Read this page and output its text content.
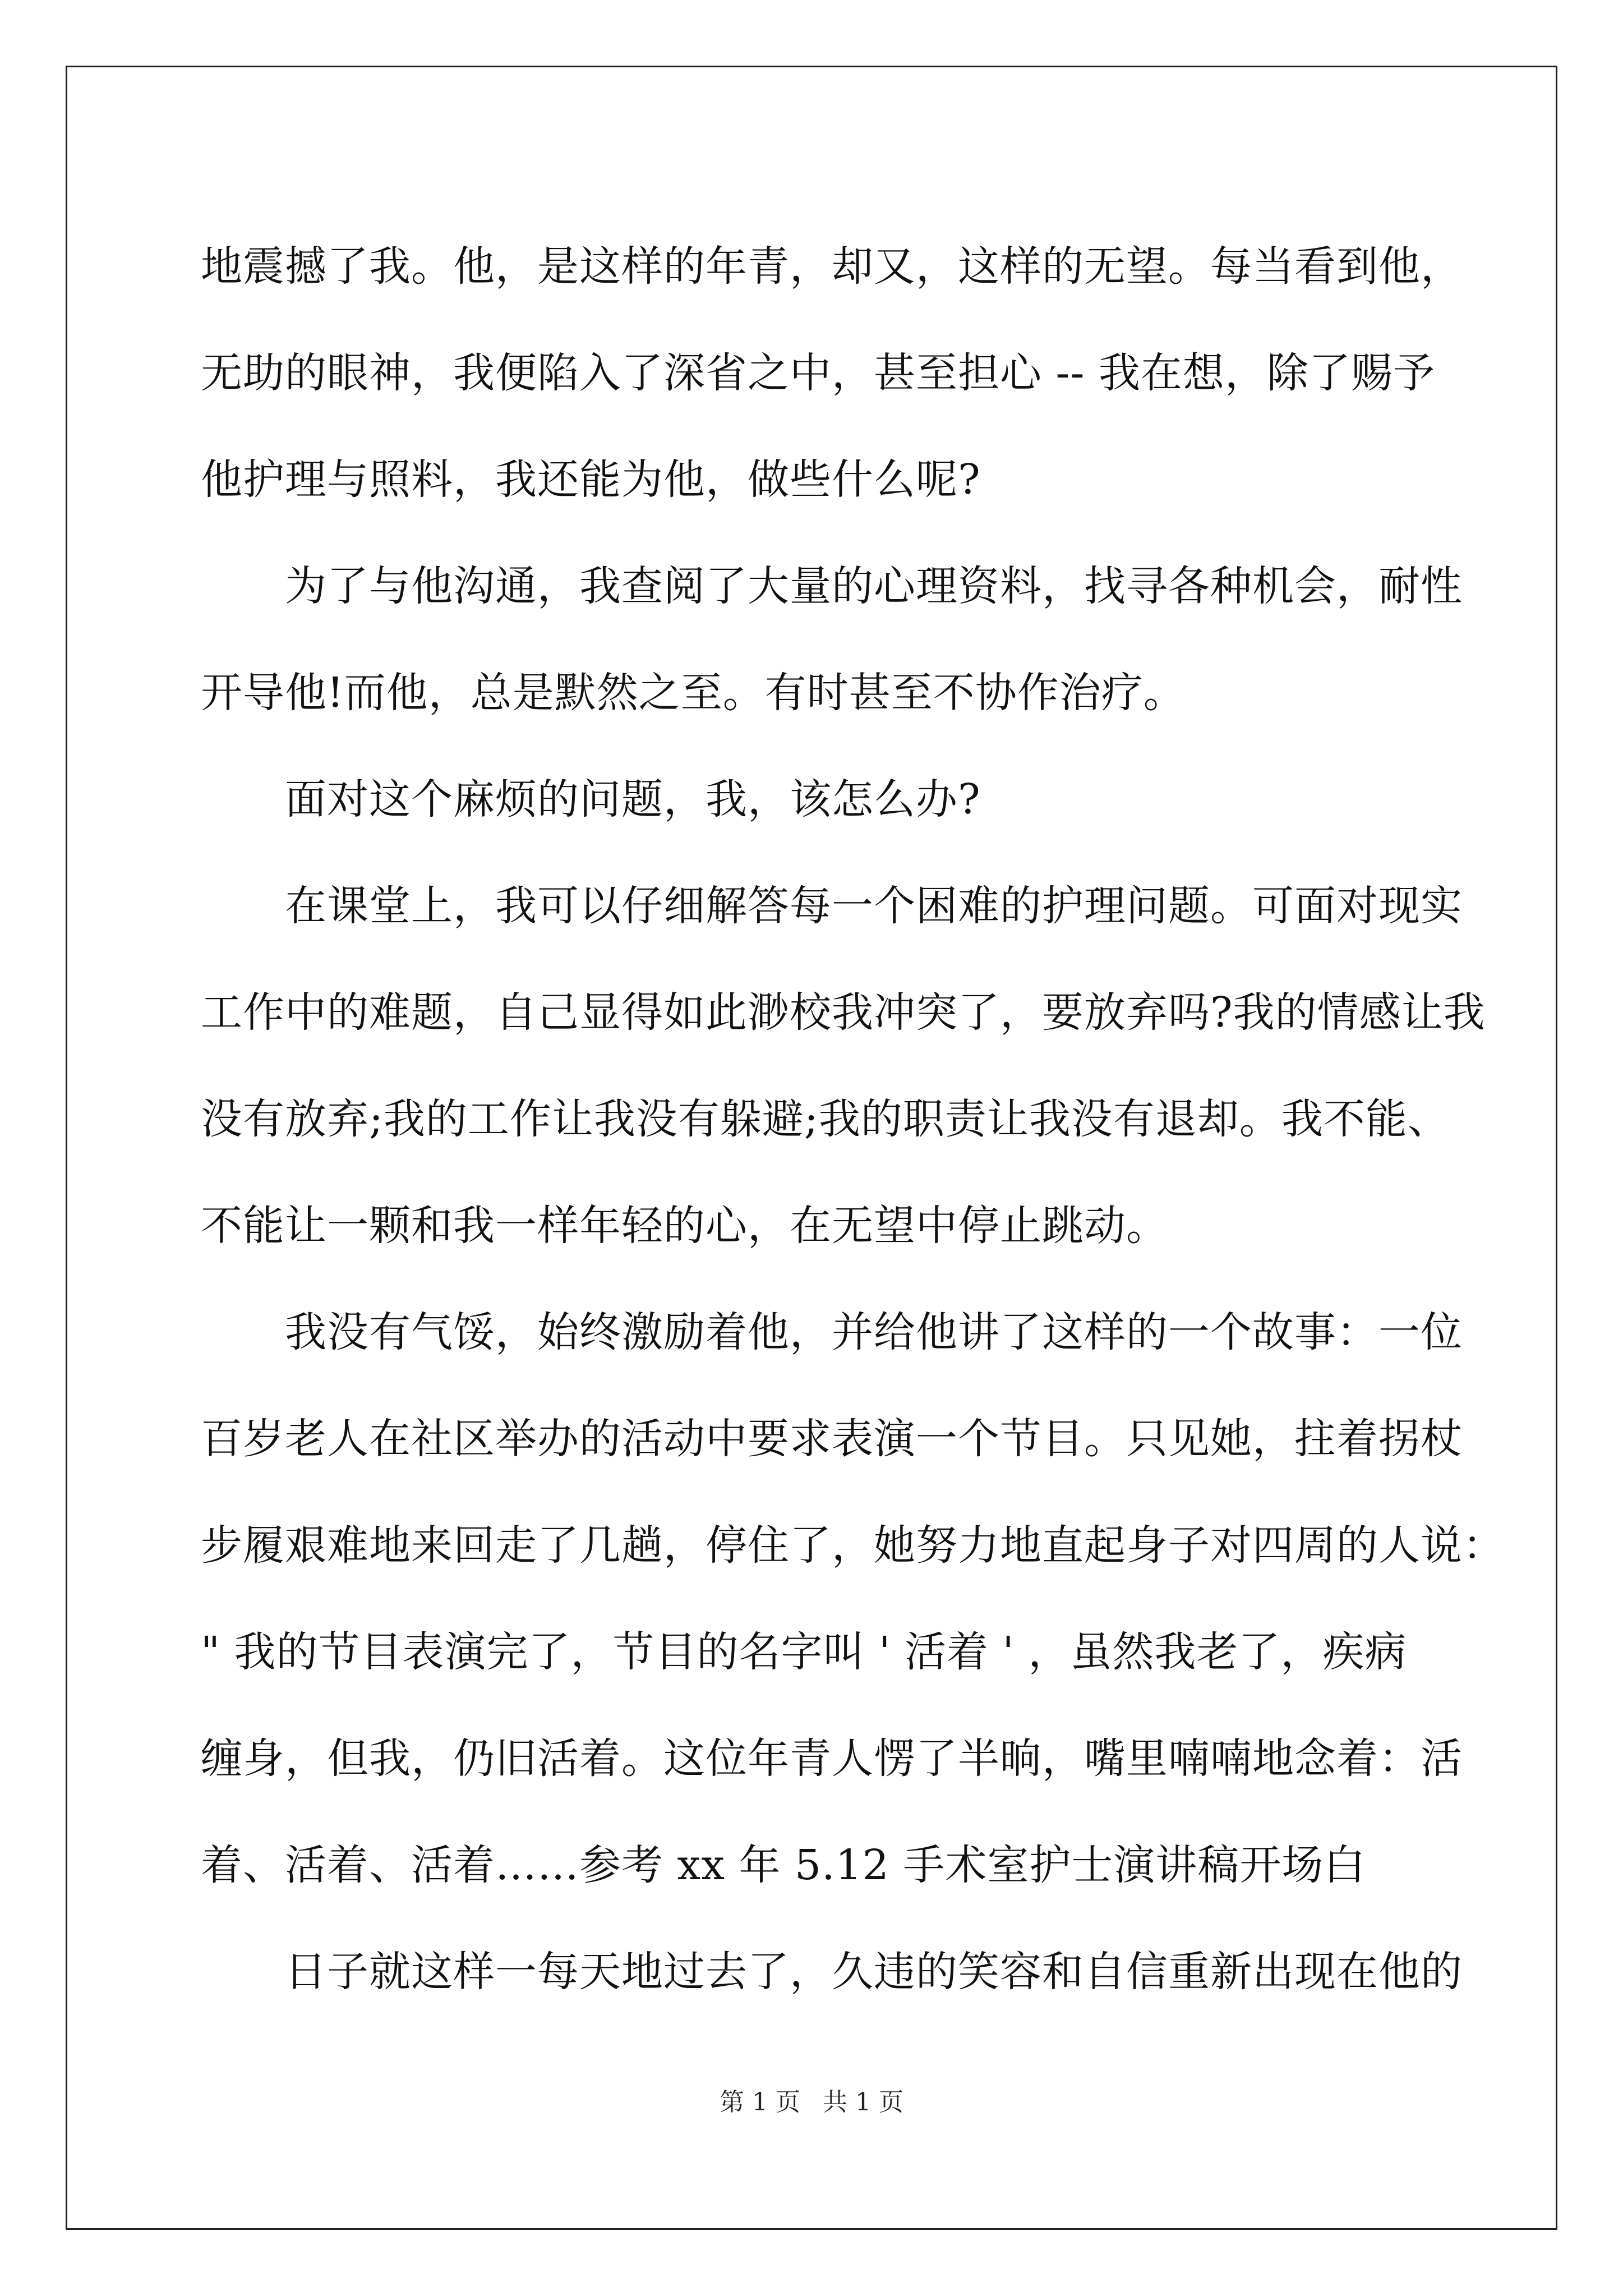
地震撼了我。他，是这样的年青，却又，这样的无望。每当看到他，
无助的眼神，我便陷入了深省之中，甚至担心 -- 我在想，除了赐予
他护理与照料，我还能为他，做些什么呢?
为了与他沟通，我查阅了大量的心理资料，找寻各种机会，耐性
开导他!而他，总是默然之至。有时甚至不协作治疗。
面对这个麻烦的问题，我，该怎么办?
在课堂上，我可以仔细解答每一个困难的护理问题。可面对现实
工作中的难题，自己显得如此渺校我冲突了，要放弃吗?我的情感让我
没有放弃;我的工作让我没有躲避;我的职责让我没有退却。我不能、
不能让一颗和我一样年轻的心，在无望中停止跳动。
我没有气馁，始终激励着他，并给他讲了这样的一个故事：一位
百岁老人在社区举办的活动中要求表演一个节目。只见她，拄着拐杖
步履艰难地来回走了几趟，停住了，她努力地直起身子对四周的人说：
" 我的节目表演完了，节目的名字叫 ' 活着 ' ，虽然我老了，疾病
缠身，但我，仍旧活着。这位年青人愣了半晌，嘴里喃喃地念着：活
着、活着、活着……参考 xx 年 5.12 手术室护士演讲稿开场白
日子就这样一每天地过去了，久违的笑容和自信重新出现在他的
第 1 页 共 1 页
